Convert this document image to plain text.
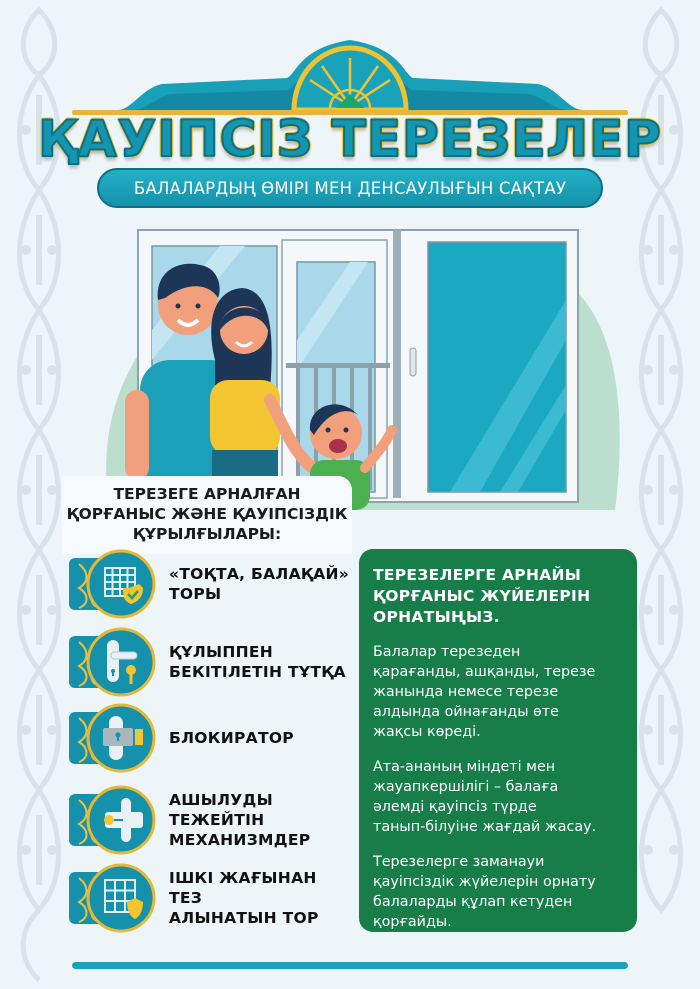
ҚАУІПСІЗ ТЕРЕЗЕЛЕР
БАЛАЛАРДЫҢ ӨМІРІ МЕН ДЕНСАУЛЫҒЫН САҚТАУ
ТЕРЕЗЕГЕ АРНАЛҒАН
ҚОРҒАНЫС ЖӘНЕ ҚАУІПСІЗДІК
ҚҰРЫЛҒЫЛАРЫ:
«ТОҚТА, БАЛАҚАЙ»
ТОРЫ
ҚҰЛЫППЕН
БЕКІТІЛЕТІН ТҰТҚА
БЛОКИРАТОР
АШЫЛУДЫ
ТЕЖЕЙТІН
МЕХАНИЗМДЕР
ІШКІ ЖАҒЫНАН ТЕЗ
АЛЫНАТЫН ТОР
ТЕРЕЗЕЛЕРГЕ АРНАЙЫ
ҚОРҒАНЫС ЖҮЙЕЛЕРІН
ОРНАТЫҢЫЗ.

Балалар терезеден
қарағанды, ашқанды, терезе
жанында немесе терезе
алдында ойнағанды өте
жақсы көреді.

Ата-ананың міндеті мен
жауапкершілігі – балаға
әлемді қауіпсіз түрде
танып-білуіне жағдай жасау.

Терезелерге заманауи
қауіпсіздік жүйелерін орнату
балаларды құлап кетуден
қорғайды.
